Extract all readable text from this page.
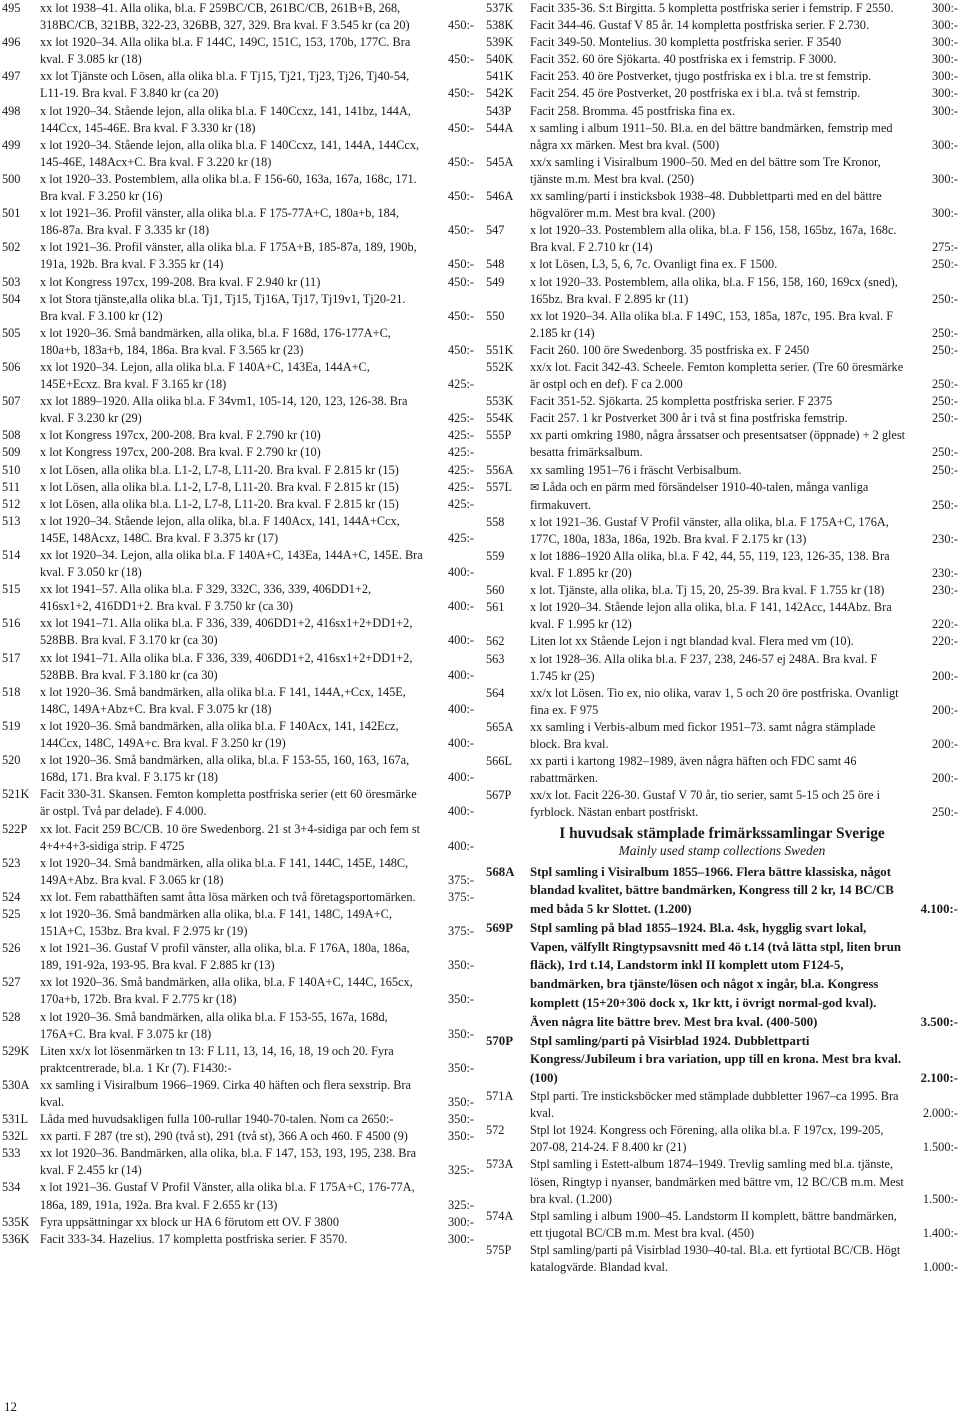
495	xx lot 1938–41. Alla olika, bl.a. F 259BC/CB, 261BC/CB, 261B+B, 268, 318BC/CB, 321BB, 322-23, 326BB, 327, 329. Bra kval. F 3.545 kr (ca 20)	450:-
496	xx lot 1920–34. Alla olika bl.a. F 144C, 149C, 151C, 153, 170b, 177C. Bra kval. F 3.085 kr (18)	450:-
497	xx lot Tjänste och Lösen, alla olika bl.a. F Tj15, Tj21, Tj23, Tj26, Tj40-54, L11-19. Bra kval. F 3.840 kr (ca 20)	450:-
498	x lot 1920–34. Stående lejon, alla olika bl.a. F 140Ccxz, 141, 141bz, 144A, 144Ccx, 145-46E. Bra kval. F 3.330 kr (18)	450:-
499	x lot 1920–34. Stående lejon, alla olika bl.a. F 140Ccxz, 141, 144A, 144Ccx, 145-46E, 148Acx+C. Bra kval. F 3.220 kr (18)	450:-
500	x lot 1920–33. Postemblem, alla olika bl.a. F 156-60, 163a, 167a, 168c, 171. Bra kval. F 3.250 kr (16)	450:-
501	x lot 1921–36. Profil vänster, alla olika bl.a. F 175-77A+C, 180a+b, 184, 186-87a. Bra kval. F 3.335 kr (18)	450:-
502	x lot 1921–36. Profil vänster, alla olika bl.a. F 175A+B, 185-87a, 189, 190b, 191a, 192b. Bra kval. F 3.355 kr (14)	450:-
503	x lot Kongress 197cx, 199-208. Bra kval. F 2.940 kr (11)	450:-
504	x lot Stora tjänste,alla olika bl.a. Tj1, Tj15, Tj16A, Tj17, Tj19v1, Tj20-21. Bra kval. F 3.100 kr (12)	450:-
505	x lot 1920–36. Små bandmärken, alla olika, bl.a. F 168d, 176-177A+C, 180a+b, 183a+b, 184, 186a. Bra kval. F 3.565 kr (23)	450:-
506	xx lot 1920–34. Lejon, alla olika bl.a. F 140A+C, 143Ea, 144A+C, 145E+Ecxz. Bra kval. F 3.165 kr (18)	425:-
507	xx lot 1889–1920. Alla olika bl.a. F 34vm1, 105-14, 120, 123, 126-38. Bra kval. F 3.230 kr (29)	425:-
508	x lot Kongress 197cx, 200-208. Bra kval. F 2.790 kr (10)	425:-
509	x lot Kongress 197cx, 200-208. Bra kval. F 2.790 kr (10)	425:-
510	x lot Lösen, alla olika bl.a. L1-2, L7-8, L11-20. Bra kval. F 2.815 kr (15)	425:-
511	x lot Lösen, alla olika bl.a. L1-2, L7-8, L11-20. Bra kval. F 2.815 kr (15)	425:-
512	x lot Lösen, alla olika bl.a. L1-2, L7-8, L11-20. Bra kval. F 2.815 kr (15)	425:-
513	x lot 1920–34. Stående lejon, alla olika, bl.a. F 140Acx, 141, 144A+Ccx, 145E, 148Acxz, 148C. Bra kval. F 3.375 kr (17)	425:-
514	xx lot 1920–34. Lejon, alla olika bl.a. F 140A+C, 143Ea, 144A+C, 145E. Bra kval. F 3.050 kr (18)	400:-
515	xx lot 1941–57. Alla olika bl.a. F 329, 332C, 336, 339, 406DD1+2, 416sx1+2, 416DD1+2. Bra kval. F 3.750 kr (ca 30)	400:-
516	xx lot 1941–71. Alla olika bl.a. F 336, 339, 406DD1+2, 416sx1+2+DD1+2, 528BB. Bra kval. F 3.170 kr (ca 30)	400:-
517	xx lot 1941–71. Alla olika bl.a. F 336, 339, 406DD1+2, 416sx1+2+DD1+2, 528BB. Bra kval. F 3.180 kr (ca 30)	400:-
518	x lot 1920–36. Små bandmärken, alla olika bl.a. F 141, 144A,+Ccx, 145E, 148C, 149A+Abz+C. Bra kval. F 3.075 kr (18)	400:-
519	x lot 1920–36. Små bandmärken, alla olika bl.a. F 140Acx, 141, 142Ecz, 144Ccx, 148C, 149A+c. Bra kval. F 3.250 kr (19)	400:-
520	x lot 1920–36. Små bandmärken, alla olika, bl.a. F 153-55, 160, 163, 167a, 168d, 171. Bra kval. F 3.175 kr (18)	400:-
521K Facit 330-31. Skansen. Femton kompletta postfriska serier (ett 60 öresmärke är ostpl. Två par delade). F 4.000.	400:-
522P	xx lot. Facit 259 BC/CB. 10 öre Swedenborg. 21 st 3+4-sidiga par och fem st 4+4+4+3-sidiga strip. F 4725	400:-
523	x lot 1920–34. Små bandmärken, alla olika bl.a. F 141, 144C, 145E, 148C, 149A+Abz. Bra kval. F 3.065 kr (18)	375:-
524	xx lot. Fem rabatthäften samt åtta lösa märken och två företagsportomärken.	375:-
525	x lot 1920–36. Små bandmärken alla olika, bl.a. F 141, 148C, 149A+C, 151A+C, 153bz. Bra kval. F 2.975 kr (19)	375:-
526	x lot 1921–36. Gustaf V profil vänster, alla olika, bl.a. F 176A, 180a, 186a, 189, 191-92a, 193-95. Bra kval. F 2.885 kr (13)	350:-
527	xx lot 1920–36. Små bandmärken, alla olika, bl.a. F 140A+C, 144C, 165cx, 170a+b, 172b. Bra kval. F 2.775 kr (18)	350:-
528	x lot 1920–36. Små bandmärken, alla olika bl.a. F 153-55, 167a, 168d, 176A+C. Bra kval. F 3.075 kr (18)	350:-
529K Liten xx/x lot lösenmärken tn 13: F L11, 13, 14, 16, 18, 19 och 20. Fyra praktcentrerade, bl.a. 1 Kr (7). F1430:-	350:-
530A xx samling i Visiralbum 1966–1969. Cirka 40 häften och flera sexstrip. Bra kval.	350:-
531L Låda med huvudsakligen fulla 100-rullar 1940-70-talen. Nom ca 2650:-	350:-
532L xx parti. F 287 (tre st), 290 (två st), 291 (två st), 366 A och 460. F 4500 (9)	350:-
533	xx lot 1920–36. Bandmärken, alla olika, bl.a. F 147, 153, 193, 195, 238. Bra kval. F 2.455 kr (14)	325:-
534	x lot 1921–36. Gustaf V Profil Vänster, alla olika bl.a. F 175A+C, 176-77A, 186a, 189, 191a, 192a. Bra kval. F 2.655 kr (13)	325:-
535K Fyra uppsättningar xx block ur HA 6 förutom ett OV. F 3800	300:-
536K Facit 333-34. Hazelius. 17 kompletta postfriska serier. F 3570.	300:-
537K	Facit 335-36. S:t Birgitta. 5 kompletta postfriska serier i femstrip. F 2550.	300:-
538K	Facit 344-46. Gustaf V 85 år. 14 kompletta postfriska serier. F 2.730.	300:-
539K	Facit 349-50. Montelius. 30 kompletta postfriska serier. F 3540	300:-
540K	Facit 352. 60 öre Sjökarta. 40 postfriska ex i femstrip. F 3000.	300:-
541K	Facit 253. 40 öre Postverket, tjugo postfriska ex i bl.a. tre st femstrip.	300:-
542K	Facit 254. 45 öre Postverket, 20 postfriska ex i bl.a. två st femstrip.	300:-
543P	Facit 258. Bromma. 45 postfriska fina ex.	300:-
544A	x samling i album 1911–50. Bl.a. en del bättre bandmärken, femstrip med några xx märken. Mest bra kval. (500)	300:-
545A	xx/x samling i Visiralbum 1900–50. Med en del bättre som Tre Kronor, tjänste m.m. Mest bra kval. (250)	300:-
546A	xx samling/parti i insticksbok 1938–48. Dubblettparti med en del bättre högvalörer m.m. Mest bra kval. (200)	300:-
547	x lot 1920–33. Postemblem alla olika, bl.a. F 156, 158, 165bz, 167a, 168c. Bra kval. F 2.710 kr (14)	275:-
548	x lot Lösen, L3, 5, 6, 7c. Ovanligt fina ex. F 1500.	250:-
549	x lot 1920–33. Postemblem, alla olika, bl.a. F 156, 158, 160, 169cx (sned), 165bz. Bra kval. F 2.895 kr (11)	250:-
550	xx lot 1920–34. Alla olika bl.a. F 149C, 153, 185a, 187c, 195. Bra kval. F 2.185 kr (14)	250:-
551K	Facit 260. 100 öre Swedenborg. 35 postfriska ex. F 2450	250:-
552K	xx/x lot. Facit 342-43. Scheele. Femton kompletta serier. (Tre 60 öresmärke är ostpl och en def). F ca 2.000	250:-
553K	Facit 351-52. Sjökarta. 25 kompletta postfriska serier. F 2375	250:-
554K	Facit 257. 1 kr Postverket 300 år i två st fina postfriska femstrip.	250:-
555P	xx parti omkring 1980, några årssatser och presentsatser (öppnade) + 2 glest besatta frimärksalbum.	250:-
556A	xx samling 1951–76 i fräscht Verbisalbum.	250:-
557L	✉ Låda och en pärm med försändelser 1910-40-talen, många vanliga firmakuvert.	250:-
558	x lot 1921–36. Gustaf V Profil vänster, alla olika, bl.a. F 175A+C, 176A, 177C, 180a, 183a, 186a, 192b. Bra kval. F 2.175 kr (13)	230:-
559	x lot 1886–1920 Alla olika, bl.a. F 42, 44, 55, 119, 123, 126-35, 138. Bra kval. F 1.895 kr (20)	230:-
560	x lot. Tjänste, alla olika, bl.a. Tj 15, 20, 25-39. Bra kval. F 1.755 kr (18)	230:-
561	x lot 1920–34. Stående lejon alla olika, bl.a. F 141, 142Acc, 144Abz. Bra kval. F 1.995 kr (12)	220:-
562	Liten lot xx Stående Lejon i ngt blandad kval. Flera med vm (10).	220:-
563	x lot 1928–36. Alla olika bl.a. F 237, 238, 246-57 ej 248A. Bra kval. F 1.745 kr (25)	200:-
564	xx/x lot Lösen. Tio ex, nio olika, varav 1, 5 och 20 öre postfriska. Ovanligt fina ex. F 975	200:-
565A	xx samling i Verbis-album med fickor 1951–73. samt några stämplade block. Bra kval.	200:-
566L	xx parti i kartong 1982–1989, även några häften och FDC samt 46 rabattmärken.	200:-
567P	xx/x lot. Facit 226-30. Gustaf V 70 år, tio serier, samt 5-15 och 25 öre i fyrblock. Nästan enbart postfriskt.	250:-
I huvudsak stämplade frimärkssamlingar Sverige
Mainly used stamp collections Sweden
568A	Stpl samling i Visiralbum 1855–1966. Flera bättre klassiska, något blandad kvalitet, bättre bandmärken, Kongress till 2 kr, 14 BC/CB med båda 5 kr Slottet. (1.200)	4.100:-
569P	Stpl samling på blad 1855–1924. Bl.a. 4sk, hygglig svart lokal, Vapen, välfyllt Ringtypsavsnitt med 4ö t.14 (två lätta stpl, liten brun fläck), 1rd t.14, Landstorm inkl II komplett utom F124-5, bandmärken, bra tjänste/lösen och något x ingår, bl.a. Kongress komplett (15+20+30ö dock x, 1kr ktt, i övrigt normal-god kval). Även några lite bättre brev. Mest bra kval. (400-500)	3.500:-
570P	Stpl samling/parti på Visirblad 1924. Dubblettparti Kongress/Jubileum i bra variation, upp till en krona. Mest bra kval. (100)	2.100:-
571A	Stpl parti. Tre insticksböcker med stämplade dubbletter 1967–ca 1995. Bra kval.	2.000:-
572	Stpl lot 1924. Kongress och Förening, alla olika bl.a. F 197cx, 199-205, 207-08, 214-24. F 8.400 kr (21)	1.500:-
573A	Stpl samling i Estett-album 1874–1949. Trevlig samling med bl.a. tjänste, lösen, Ringtyp i nyanser, bandmärken med bättre vm, 12 BC/CB m.m. Mest bra kval. (1.200)	1.500:-
574A	Stpl samling i album 1900–45. Landstorm II komplett, bättre bandmärken, ett tjugotal BC/CB m.m. Mest bra kval. (450)	1.400:-
575P	Stpl samling/parti på Visirblad 1930–40-tal. Bl.a. ett fyrtiotal BC/CB. Högt katalogvärde. Blandad kval.	1.000:-
12
